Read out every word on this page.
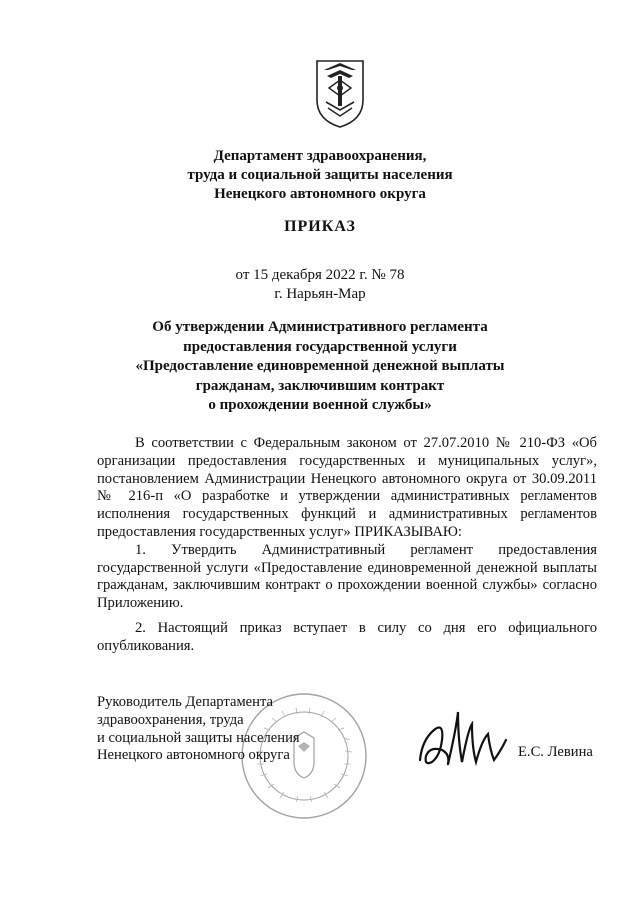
Департамент здравоохранения,
труда и социальной защиты населения
Ненецкого автономного округа
ПРИКАЗ
от 15 декабря 2022 г. № 78
г. Нарьян-Мар
Об утверждении Административного регламента
предоставления государственной услуги
«Предоставление единовременной денежной выплаты
гражданам, заключившим контракт
о прохождении военной службы»

В соответствии с Федеральным законом от 27.07.2010 № 210-ФЗ «Об организации предоставления государственных и муниципальных услуг», постановлением Администрации Ненецкого автономного округа от 30.09.2011 № 216-п «О разработке и утверждении административных регламентов исполнения государственных функций и административных регламентов предоставления государственных услуг» ПРИКАЗЫВАЮ:

1. Утвердить Административный регламент предоставления государственной услуги «Предоставление единовременной денежной выплаты гражданам, заключившим контракт о прохождении военной службы» согласно Приложению.

2. Настоящий приказ вступает в силу со дня его официального опубликования.

Руководитель Департамента
здравоохранения, труда
и социальной защиты населения
Ненецкого автономного округа	Е.С. Левина
